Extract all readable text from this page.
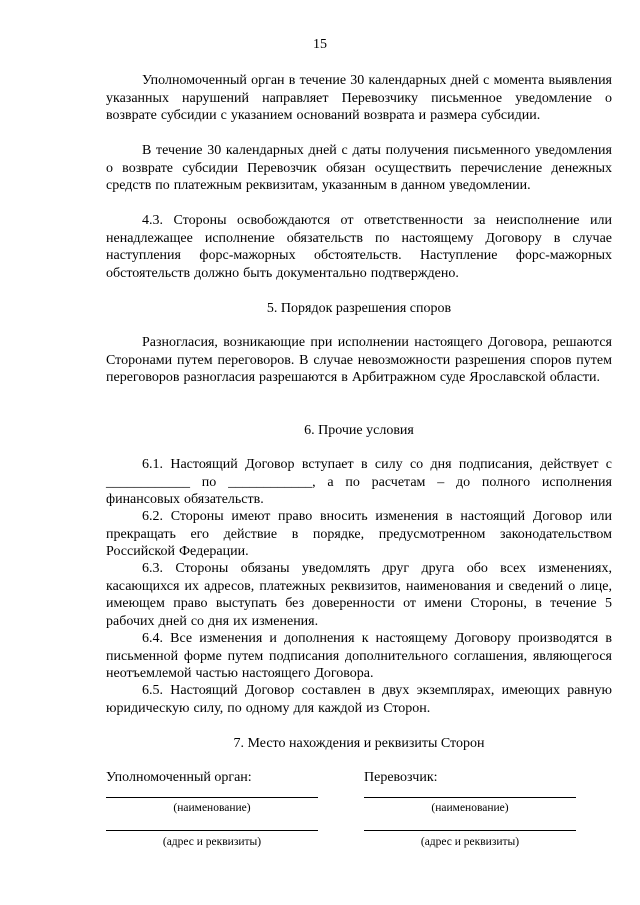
15

Уполномоченный орган в течение 30 календарных дней с момента выявления указанных нарушений направляет Перевозчику письменное уведомление о возврате субсидии с указанием оснований возврата и размера субсидии.

В течение 30 календарных дней с даты получения письменного уведомления о возврате субсидии Перевозчик обязан осуществить перечисление денежных средств по платежным реквизитам, указанным в данном уведомлении.

4.3. Стороны освобождаются от ответственности за неисполнение или ненадлежащее исполнение обязательств по настоящему Договору в случае наступления форс-мажорных обстоятельств. Наступление форс-мажорных обстоятельств должно быть документально подтверждено.

5. Порядок разрешения споров

Разногласия, возникающие при исполнении настоящего Договора, решаются Сторонами путем переговоров. В случае невозможности разрешения споров путем переговоров разногласия разрешаются в Арбитражном суде Ярославской области.

6. Прочие условия

6.1. Настоящий Договор вступает в силу со дня подписания, действует с ____________ по ____________, а по расчетам – до полного исполнения финансовых обязательств.

6.2. Стороны имеют право вносить изменения в настоящий Договор или прекращать его действие в порядке, предусмотренном законодательством Российской Федерации.

6.3. Стороны обязаны уведомлять друг друга обо всех изменениях, касающихся их адресов, платежных реквизитов, наименования и сведений о лице, имеющем право выступать без доверенности от имени Стороны, в течение 5 рабочих дней со дня их изменения.

6.4. Все изменения и дополнения к настоящему Договору производятся в письменной форме путем подписания дополнительного соглашения, являющегося неотъемлемой частью настоящего Договора.

6.5. Настоящий Договор составлен в двух экземплярах, имеющих равную юридическую силу, по одному для каждой из Сторон.

7. Место нахождения и реквизиты Сторон
Уполномоченный орган:	Перевозчик:
(наименование)	(наименование)
(адрес и реквизиты)	(адрес и реквизиты)
